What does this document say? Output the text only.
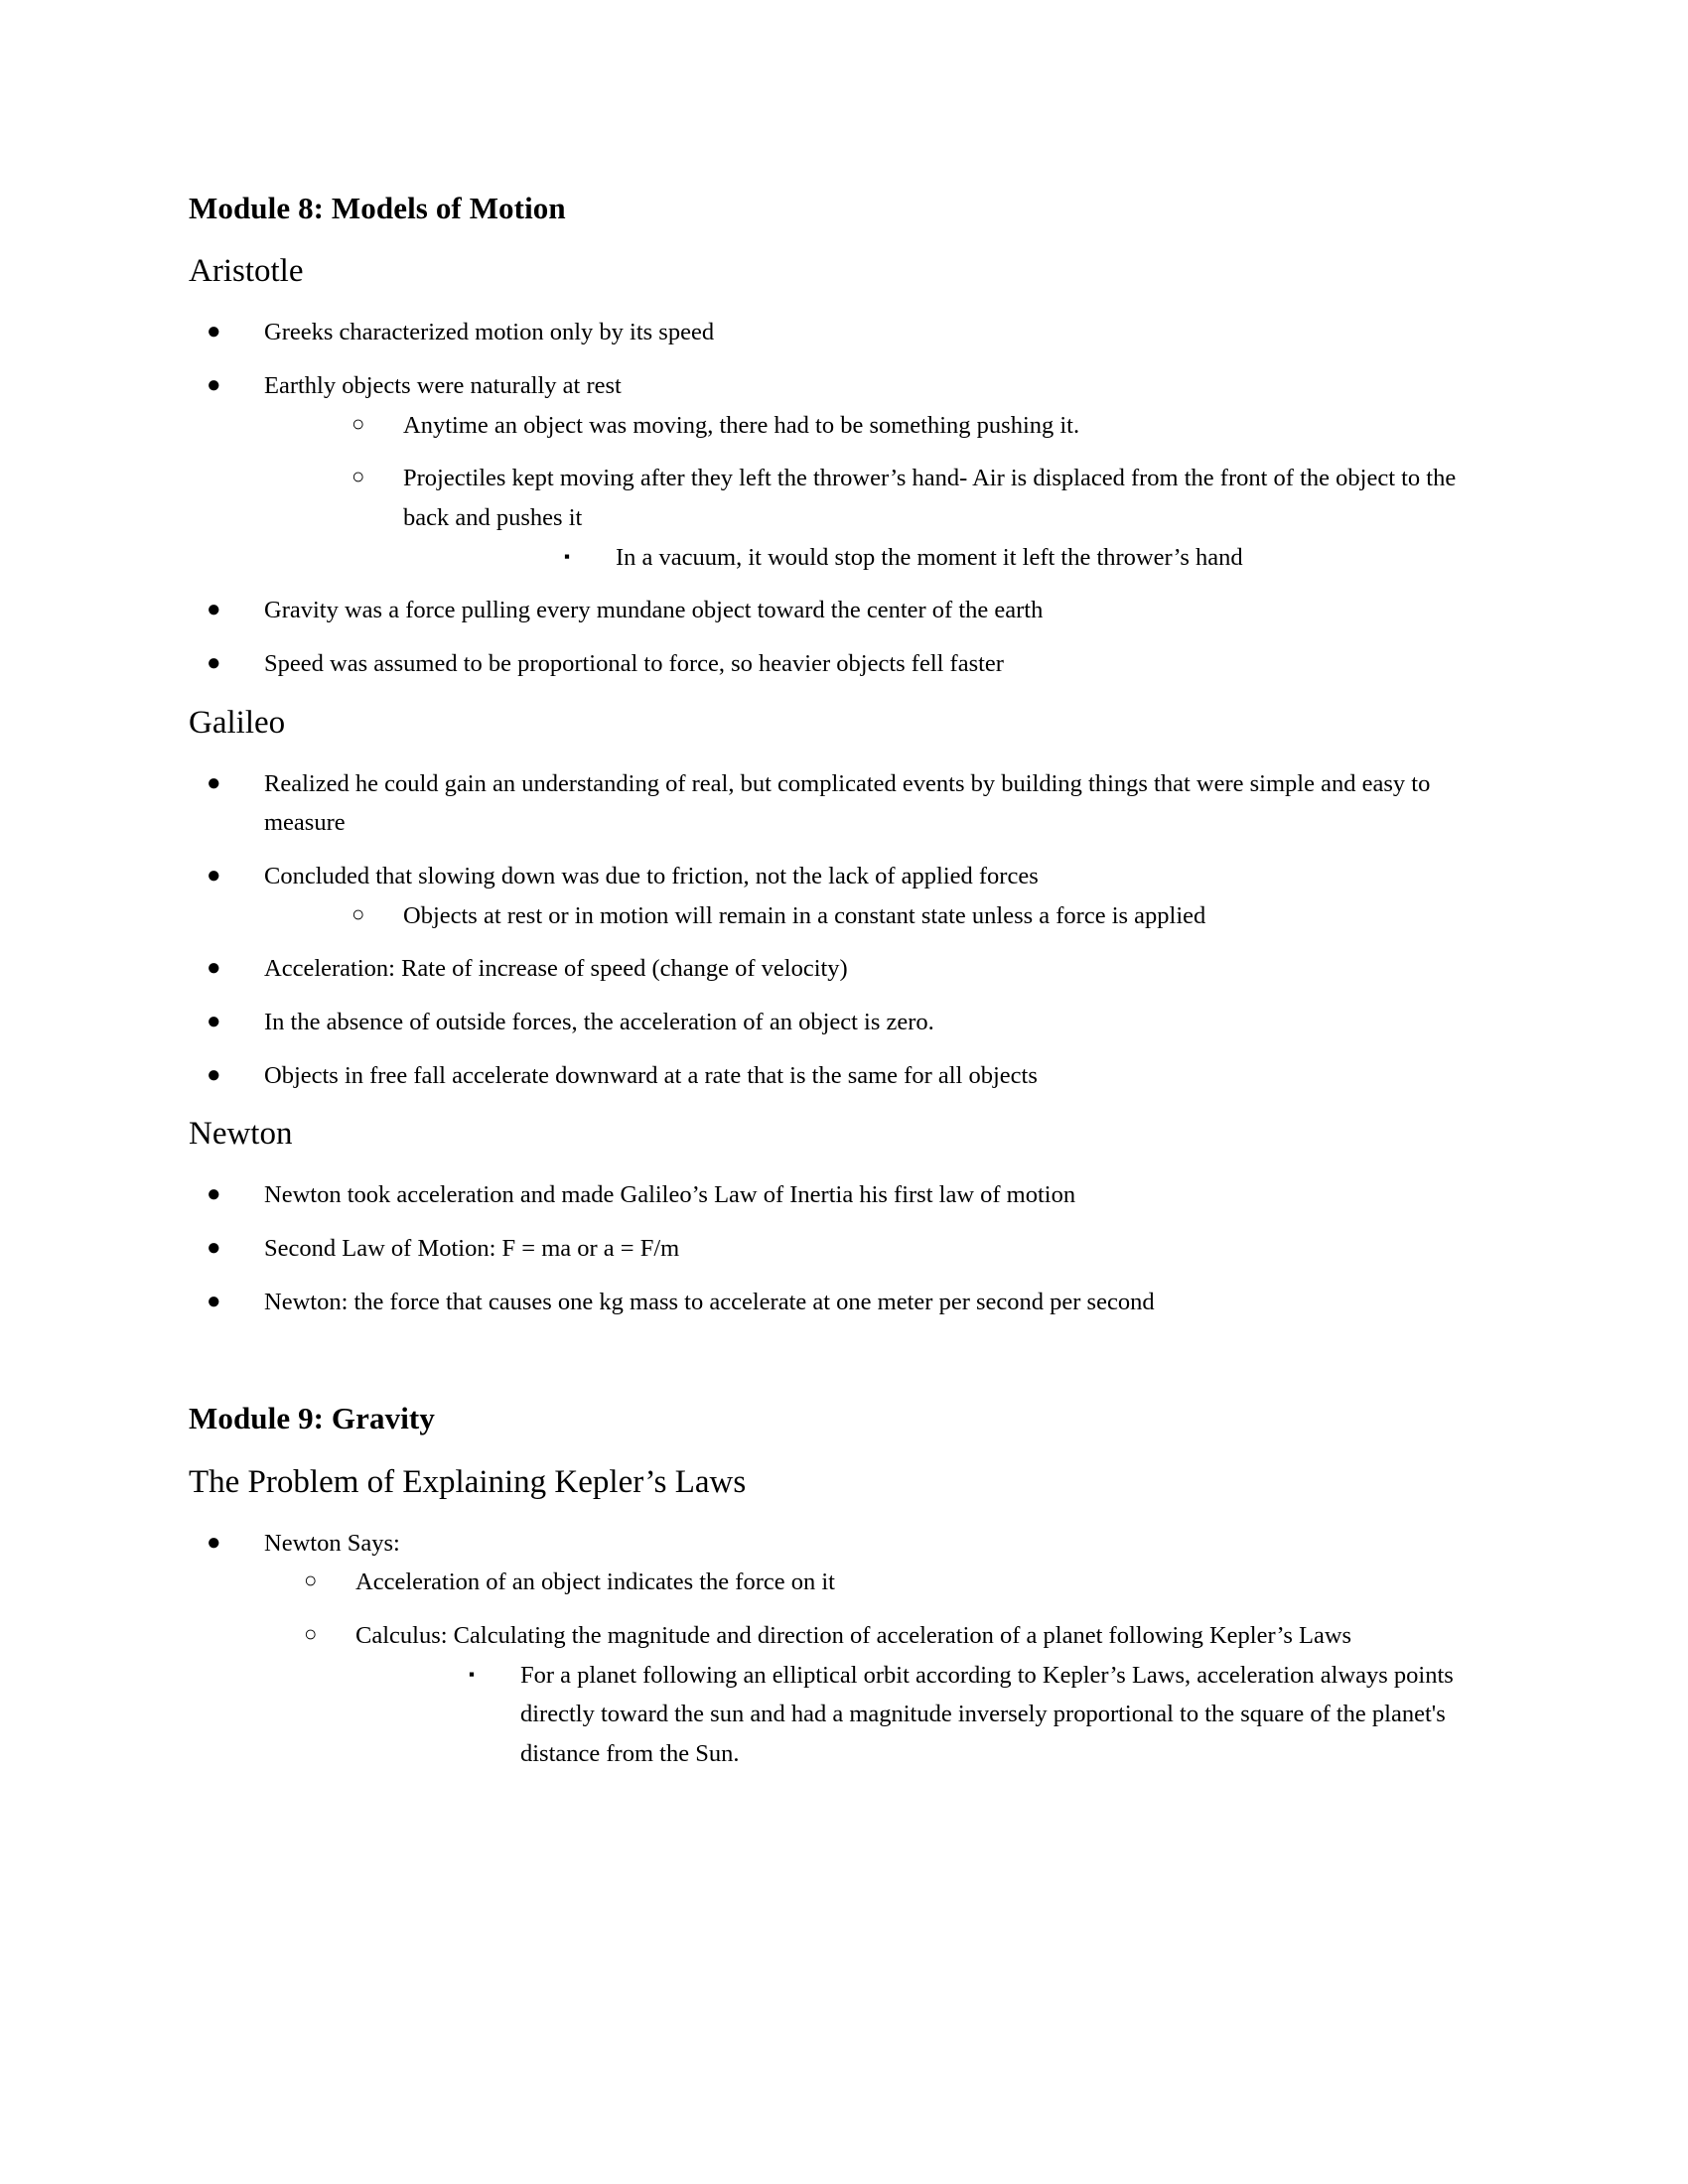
Module 8: Models of Motion
Aristotle
●	Greeks characterized motion only by its speed
●	Earthly objects were naturally at rest
○ Anytime an object was moving, there had to be something pushing it.
○ Projectiles kept moving after they left the thrower’s hand- Air is displaced from the front of the object to the back and pushes it
▪ In a vacuum, it would stop the moment it left the thrower’s hand
●	Gravity was a force pulling every mundane object toward the center of the earth
●	Speed was assumed to be proportional to force, so heavier objects fell faster
Galileo
●	Realized he could gain an understanding of real, but complicated events by building things that were simple and easy to measure
●	Concluded that slowing down was due to friction, not the lack of applied forces
○ Objects at rest or in motion will remain in a constant state unless a force is applied
●	Acceleration: Rate of increase of speed (change of velocity)
●	In the absence of outside forces, the acceleration of an object is zero.
●	Objects in free fall accelerate downward at a rate that is the same for all objects
Newton
●	Newton took acceleration and made Galileo’s Law of Inertia his first law of motion
●	Second Law of Motion: F = ma or a = F/m
●	Newton: the force that causes one kg mass to accelerate at one meter per second per second
Module 9: Gravity
The Problem of Explaining Kepler’s Laws
●	Newton Says:
○ Acceleration of an object indicates the force on it
○ Calculus: Calculating the magnitude and direction of acceleration of a planet following Kepler’s Laws
▪ For a planet following an elliptical orbit according to Kepler’s Laws, acceleration always points directly toward the sun and had a magnitude inversely proportional to the square of the planet's distance from the Sun.
